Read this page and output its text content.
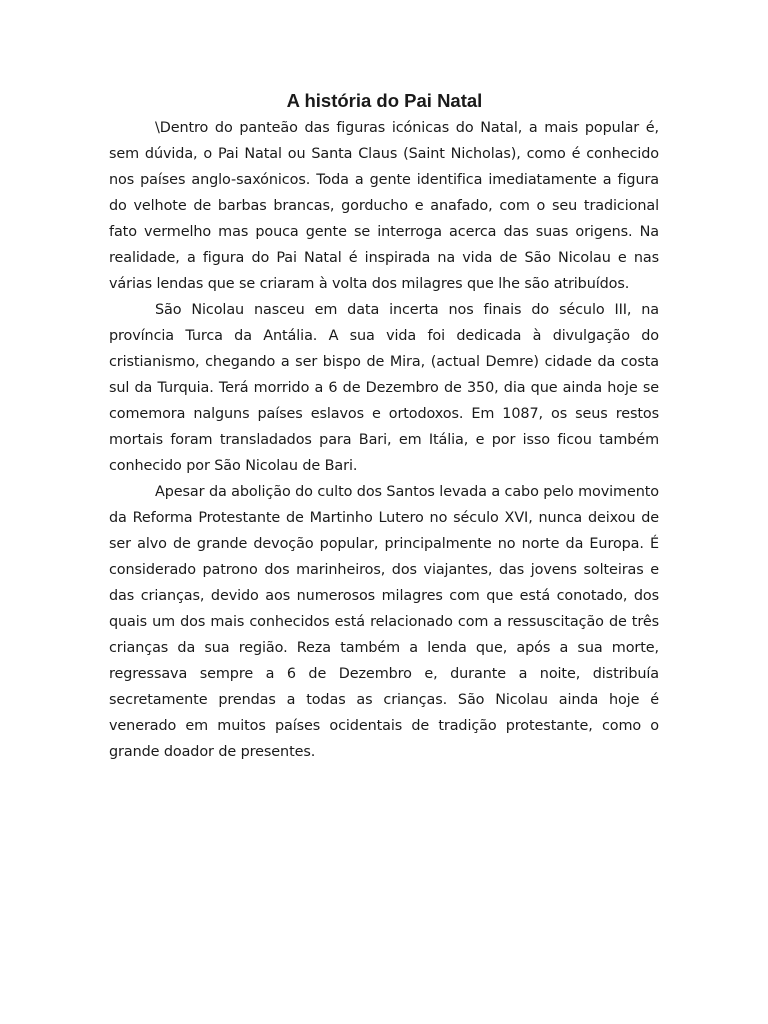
A história do Pai Natal

\Dentro do panteão das figuras icónicas do Natal, a mais popular é, sem dúvida, o Pai Natal ou Santa Claus (Saint Nicholas), como é conhecido nos países anglo-saxónicos. Toda a gente identifica imediatamente a figura do velhote de barbas brancas, gorducho e anafado, com o seu tradicional fato vermelho mas pouca gente se interroga acerca das suas origens. Na realidade, a figura do Pai Natal é inspirada na vida de São Nicolau e nas várias lendas que se criaram à volta dos milagres que lhe são atribuídos.

São Nicolau nasceu em data incerta nos finais do século III, na província Turca da Antália. A sua vida foi dedicada à divulgação do cristianismo, chegando a ser bispo de Mira, (actual Demre) cidade da costa sul da Turquia. Terá morrido a 6 de Dezembro de 350, dia que ainda hoje se comemora nalguns países eslavos e ortodoxos. Em 1087, os seus restos mortais foram transladados para Bari, em Itália, e por isso ficou também conhecido por São Nicolau de Bari.

Apesar da abolição do culto dos Santos levada a cabo pelo movimento da Reforma Protestante de Martinho Lutero no século XVI, nunca deixou de ser alvo de grande devoção popular, principalmente no norte da Europa. É considerado patrono dos marinheiros, dos viajantes, das jovens solteiras e das crianças, devido aos numerosos milagres com que está conotado, dos quais um dos mais conhecidos está relacionado com a ressuscitação de três crianças da sua região. Reza também a lenda que, após a sua morte, regressava sempre a 6 de Dezembro e, durante a noite, distribuía secretamente prendas a todas as crianças. São Nicolau ainda hoje é venerado em muitos países ocidentais de tradição protestante, como o grande doador de presentes.
